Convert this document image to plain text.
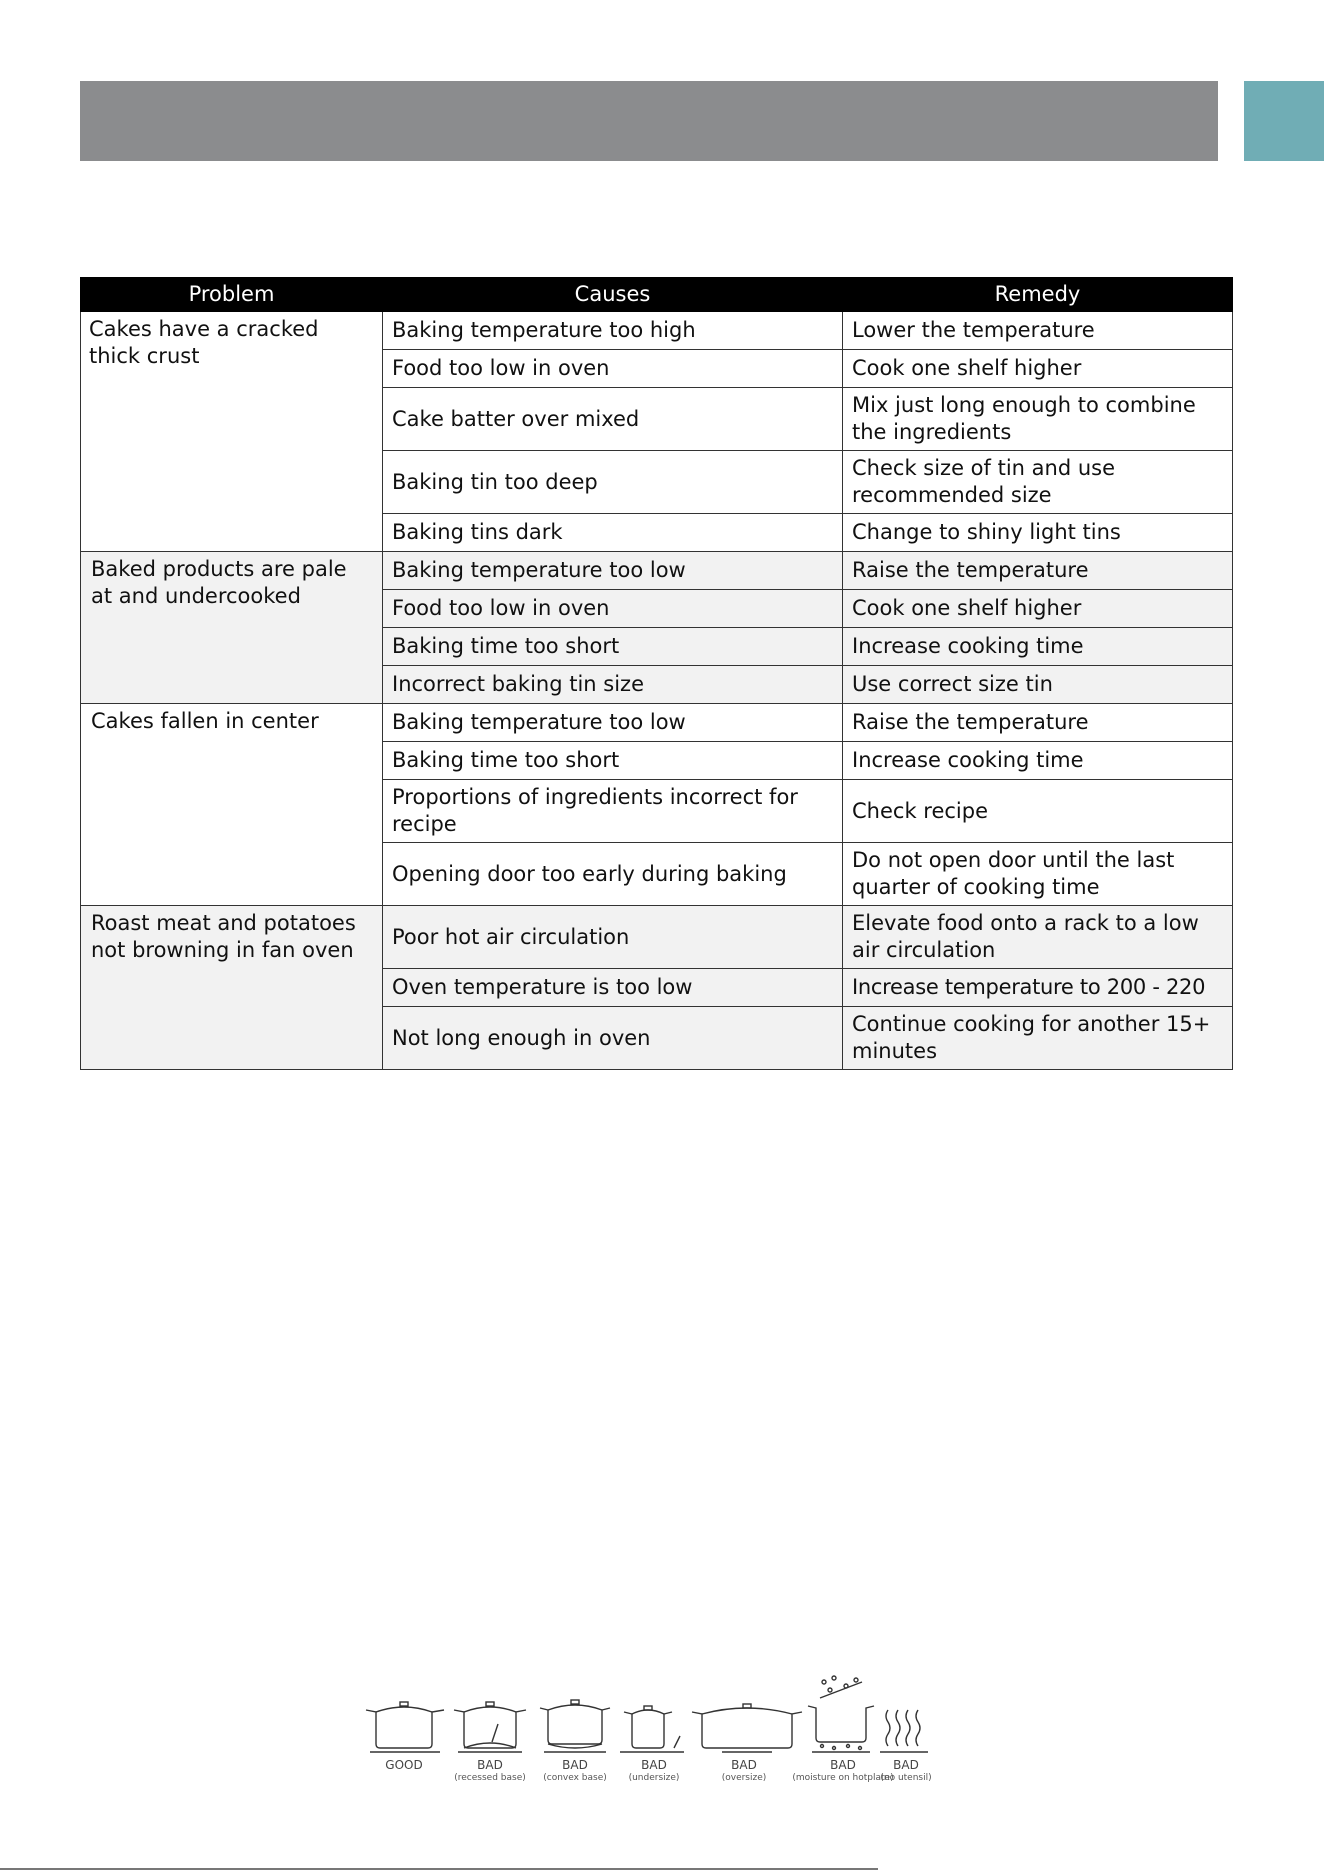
Problem	Causes	Remedy
Cakes have a cracked thick crust	Baking temperature too high	Lower the temperature
	Food too low in oven	Cook one shelf higher
	Cake batter over mixed	Mix just long enough to combine the ingredients
	Baking tin too deep	Check size of tin and use recommended size
	Baking tins dark	Change to shiny light tins
Baked products are pale at and undercooked	Baking temperature too low	Raise the temperature
	Food too low in oven	Cook one shelf higher
	Baking time too short	Increase cooking time
	Incorrect baking tin size	Use correct size tin
Cakes fallen in center	Baking temperature too low	Raise the temperature
	Baking time too short	Increase cooking time
	Proportions of ingredients incorrect for recipe	Check recipe
	Opening door too early during baking	Do not open door until the last quarter of cooking time
Roast meat and potatoes not browning in fan oven	Poor hot air circulation	Elevate food onto a rack to a low air circulation
	Oven temperature is too low	Increase temperature to 200 - 220
	Not long enough in oven	Continue cooking for another 15+ minutes
GOOD	BAD
(recessed base)
BAD
(convex base)
BAD
(undersize)
BAD
(oversize)
BAD
(moisture on hotplate)
BAD
(no utensil)
